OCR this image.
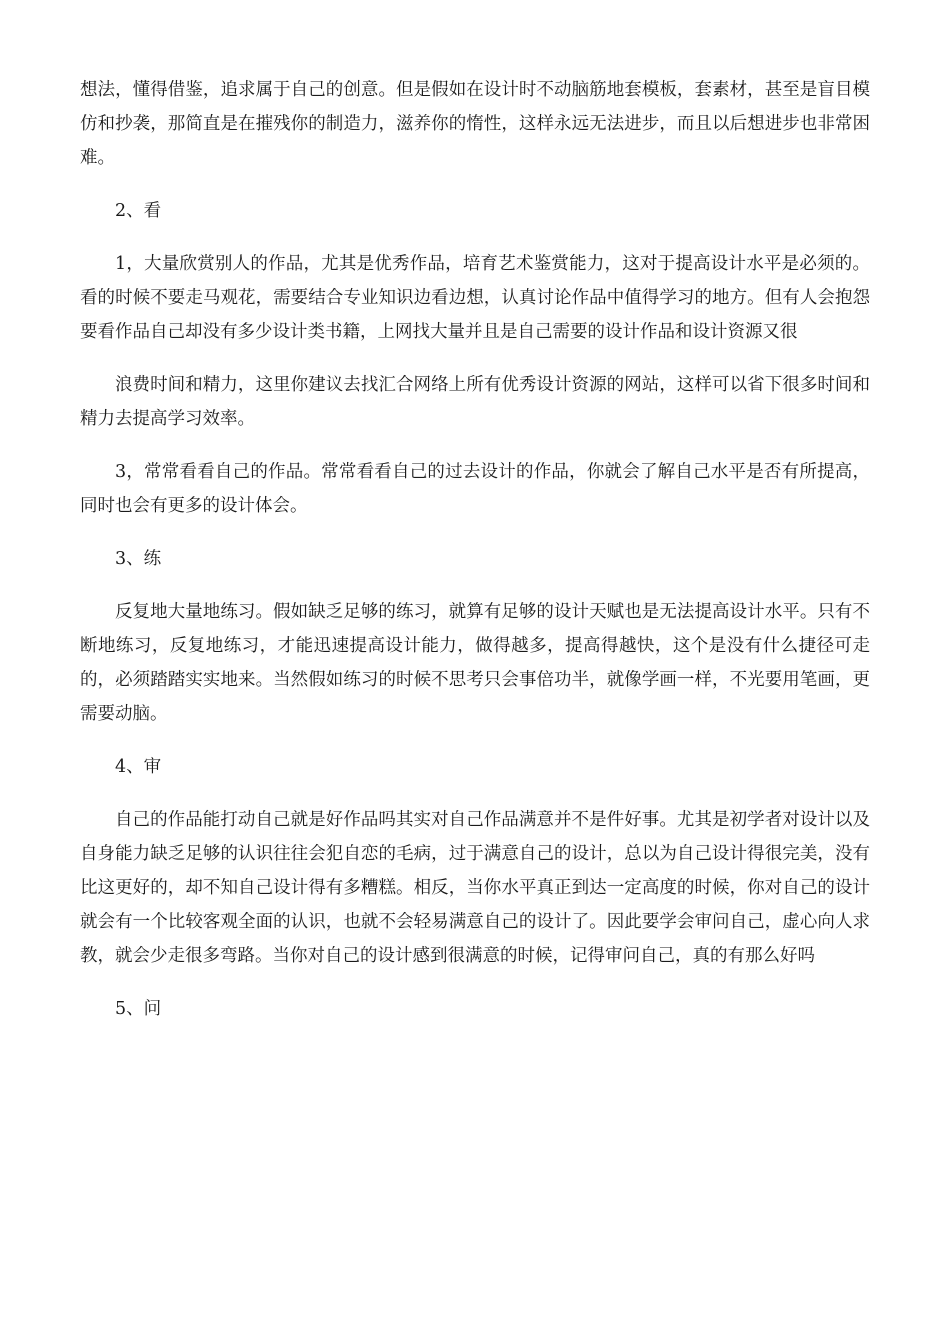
想法，懂得借鉴，追求属于自己的创意。但是假如在设计时不动脑筋地套模板，套素材，甚至是盲目模仿和抄袭，那简直是在摧残你的制造力，滋养你的惰性，这样永远无法进步，而且以后想进步也非常困难。

2、看

1，大量欣赏别人的作品，尤其是优秀作品，培育艺术鉴赏能力，这对于提高设计水平是必须的。看的时候不要走马观花，需要结合专业知识边看边想，认真讨论作品中值得学习的地方。但有人会抱怨要看作品自己却没有多少设计类书籍，上网找大量并且是自己需要的设计作品和设计资源又很

浪费时间和精力，这里你建议去找汇合网络上所有优秀设计资源的网站，这样可以省下很多时间和精力去提高学习效率。

3，常常看看自己的作品。常常看看自己的过去设计的作品，你就会了解自己水平是否有所提高，同时也会有更多的设计体会。

3、练

反复地大量地练习。假如缺乏足够的练习，就算有足够的设计天赋也是无法提高设计水平。只有不断地练习，反复地练习，才能迅速提高设计能力，做得越多，提高得越快，这个是没有什么捷径可走的，必须踏踏实实地来。当然假如练习的时候不思考只会事倍功半，就像学画一样，不光要用笔画，更需要动脑。

4、审

自己的作品能打动自己就是好作品吗其实对自己作品满意并不是件好事。尤其是初学者对设计以及自身能力缺乏足够的认识往往会犯自恋的毛病，过于满意自己的设计，总以为自己设计得很完美，没有比这更好的，却不知自己设计得有多糟糕。相反，当你水平真正到达一定高度的时候，你对自己的设计就会有一个比较客观全面的认识，也就不会轻易满意自己的设计了。因此要学会审问自己，虚心向人求教，就会少走很多弯路。当你对自己的设计感到很满意的时候，记得审问自己，真的有那么好吗

5、问
